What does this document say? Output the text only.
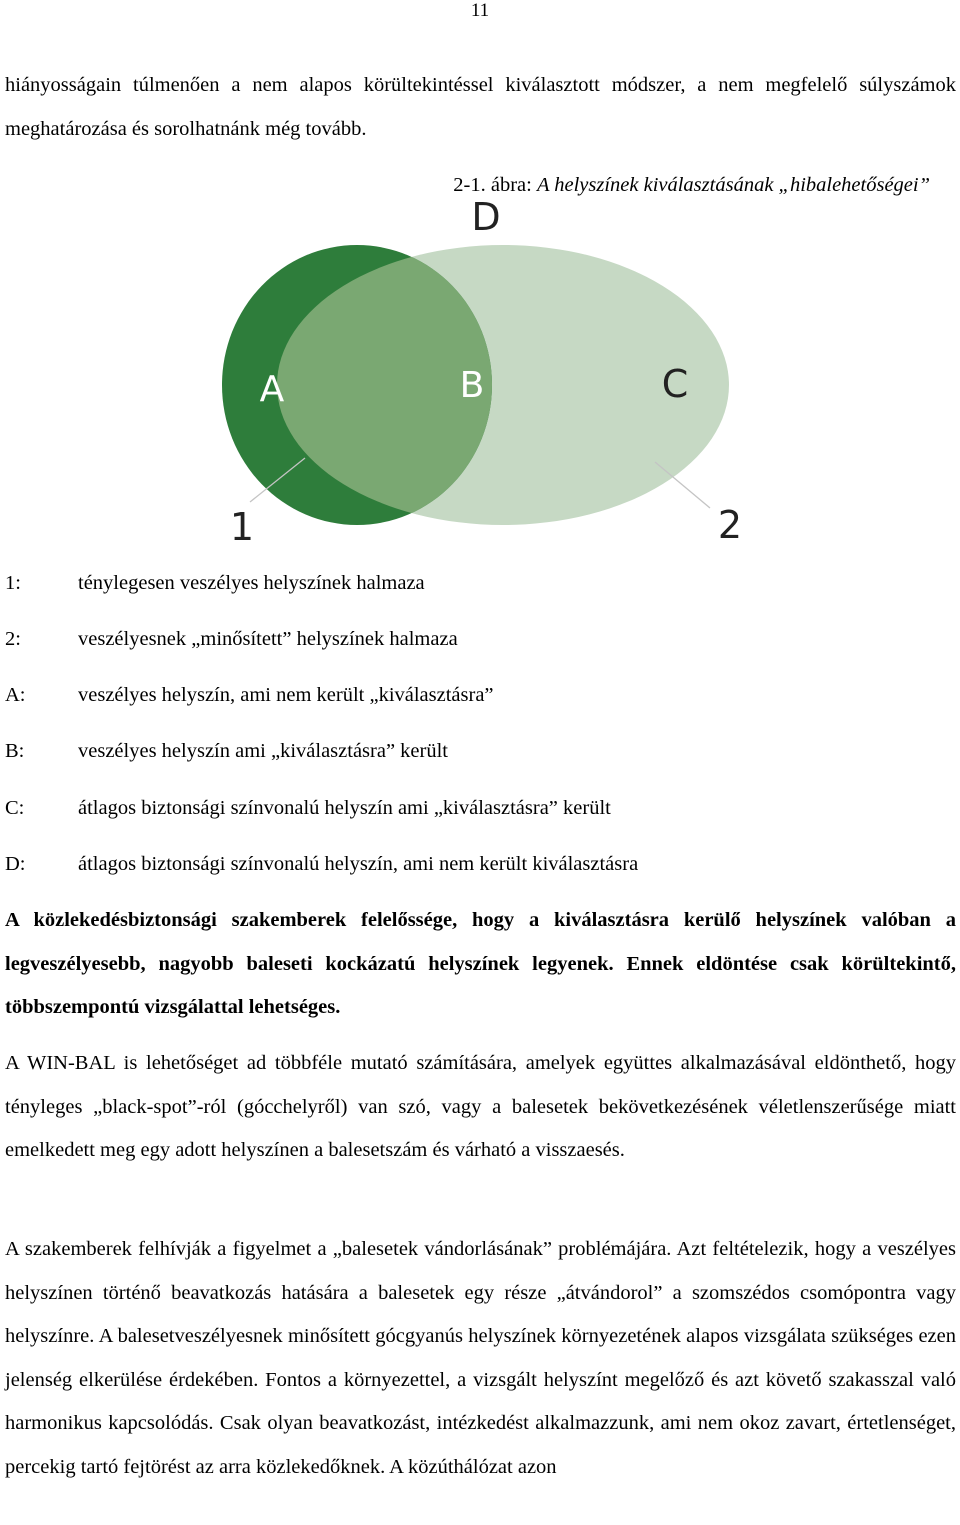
11

hiányosságain túlmenően a nem alapos körültekintéssel kiválasztott módszer, a nem megfelelő súlyszámok meghatározása és sorolhatnánk még tovább.

2-1. ábra: A helyszínek kiválasztásának „hibalehetőségei”
D
A	B	C
1	2
1:	ténylegesen veszélyes helyszínek halmaza
2:	veszélyesnek „minősített” helyszínek halmaza
A:	veszélyes helyszín, ami nem került „kiválasztásra”
B:	veszélyes helyszín ami „kiválasztásra” került
C:	átlagos biztonsági színvonalú helyszín ami „kiválasztásra” került
D:	átlagos biztonsági színvonalú helyszín, ami nem került kiválasztásra

A közlekedésbiztonsági szakemberek felelőssége, hogy a kiválasztásra kerülő helyszínek valóban a legveszélyesebb, nagyobb baleseti kockázatú helyszínek legyenek. Ennek eldöntése csak körültekintő, többszempontú vizsgálattal lehetséges.

A WIN-BAL is lehetőséget ad többféle mutató számítására, amelyek együttes alkalmazásával eldönthető, hogy tényleges „black-spot”-ról (gócchelyről) van szó, vagy a balesetek bekövetkezésének véletlenszerűsége miatt emelkedett meg egy adott helyszínen a balesetszám és várható a visszaesés.

A szakemberek felhívják a figyelmet a „balesetek vándorlásának” problémájára. Azt feltételezik, hogy a veszélyes helyszínen történő beavatkozás hatására a balesetek egy része „átvándorol” a szomszédos csomópontra vagy helyszínre. A balesetveszélyesnek minősített gócgyanús helyszínek környezetének alapos vizsgálata szükséges ezen jelenség elkerülése érdekében. Fontos a környezettel, a vizsgált helyszínt megelőző és azt követő szakasszal való harmonikus kapcsolódás. Csak olyan beavatkozást, intézkedést alkalmazzunk, ami nem okoz zavart, értetlenséget, percekig tartó fejtörést az arra közlekedőknek. A közúthálózat azon
